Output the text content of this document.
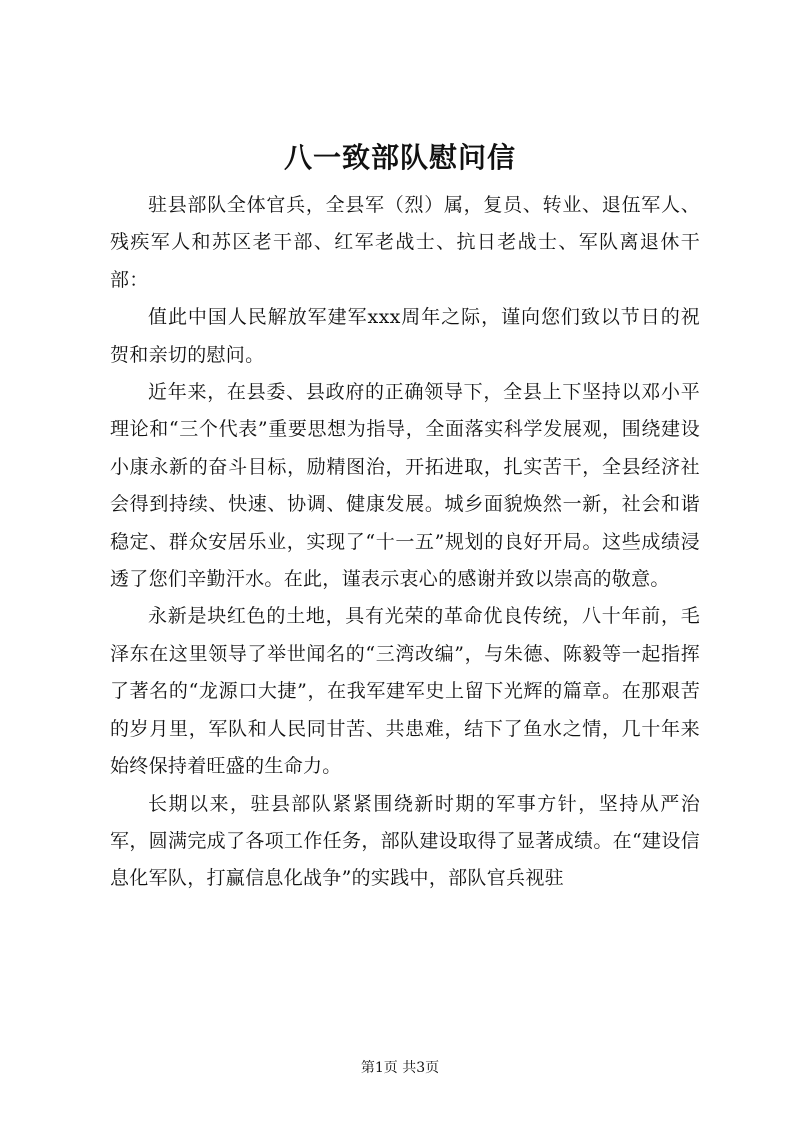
八一致部队慰问信

驻县部队全体官兵，全县军（烈）属，复员、转业、退伍军人、残疾军人和苏区老干部、红军老战士、抗日老战士、军队离退休干部：

值此中国人民解放军建军xxx周年之际，谨向您们致以节日的祝贺和亲切的慰问。

近年来，在县委、县政府的正确领导下，全县上下坚持以邓小平理论和“三个代表”重要思想为指导，全面落实科学发展观，围绕建设小康永新的奋斗目标，励精图治，开拓进取，扎实苦干，全县经济社会得到持续、快速、协调、健康发展。城乡面貌焕然一新，社会和谐稳定、群众安居乐业，实现了“十一五”规划的良好开局。这些成绩浸透了您们辛勤汗水。在此，谨表示衷心的感谢并致以崇高的敬意。

永新是块红色的土地，具有光荣的革命优良传统，八十年前，毛泽东在这里领导了举世闻名的“三湾改编”，与朱德、陈毅等一起指挥了著名的“龙源口大捷”，在我军建军史上留下光辉的篇章。在那艰苦的岁月里，军队和人民同甘苦、共患难，结下了鱼水之情，几十年来始终保持着旺盛的生命力。

长期以来，驻县部队紧紧围绕新时期的军事方针，坚持从严治军，圆满完成了各项工作任务，部队建设取得了显著成绩。在“建设信息化军队，打赢信息化战争”的实践中，部队官兵视驻

第1页 共3页
